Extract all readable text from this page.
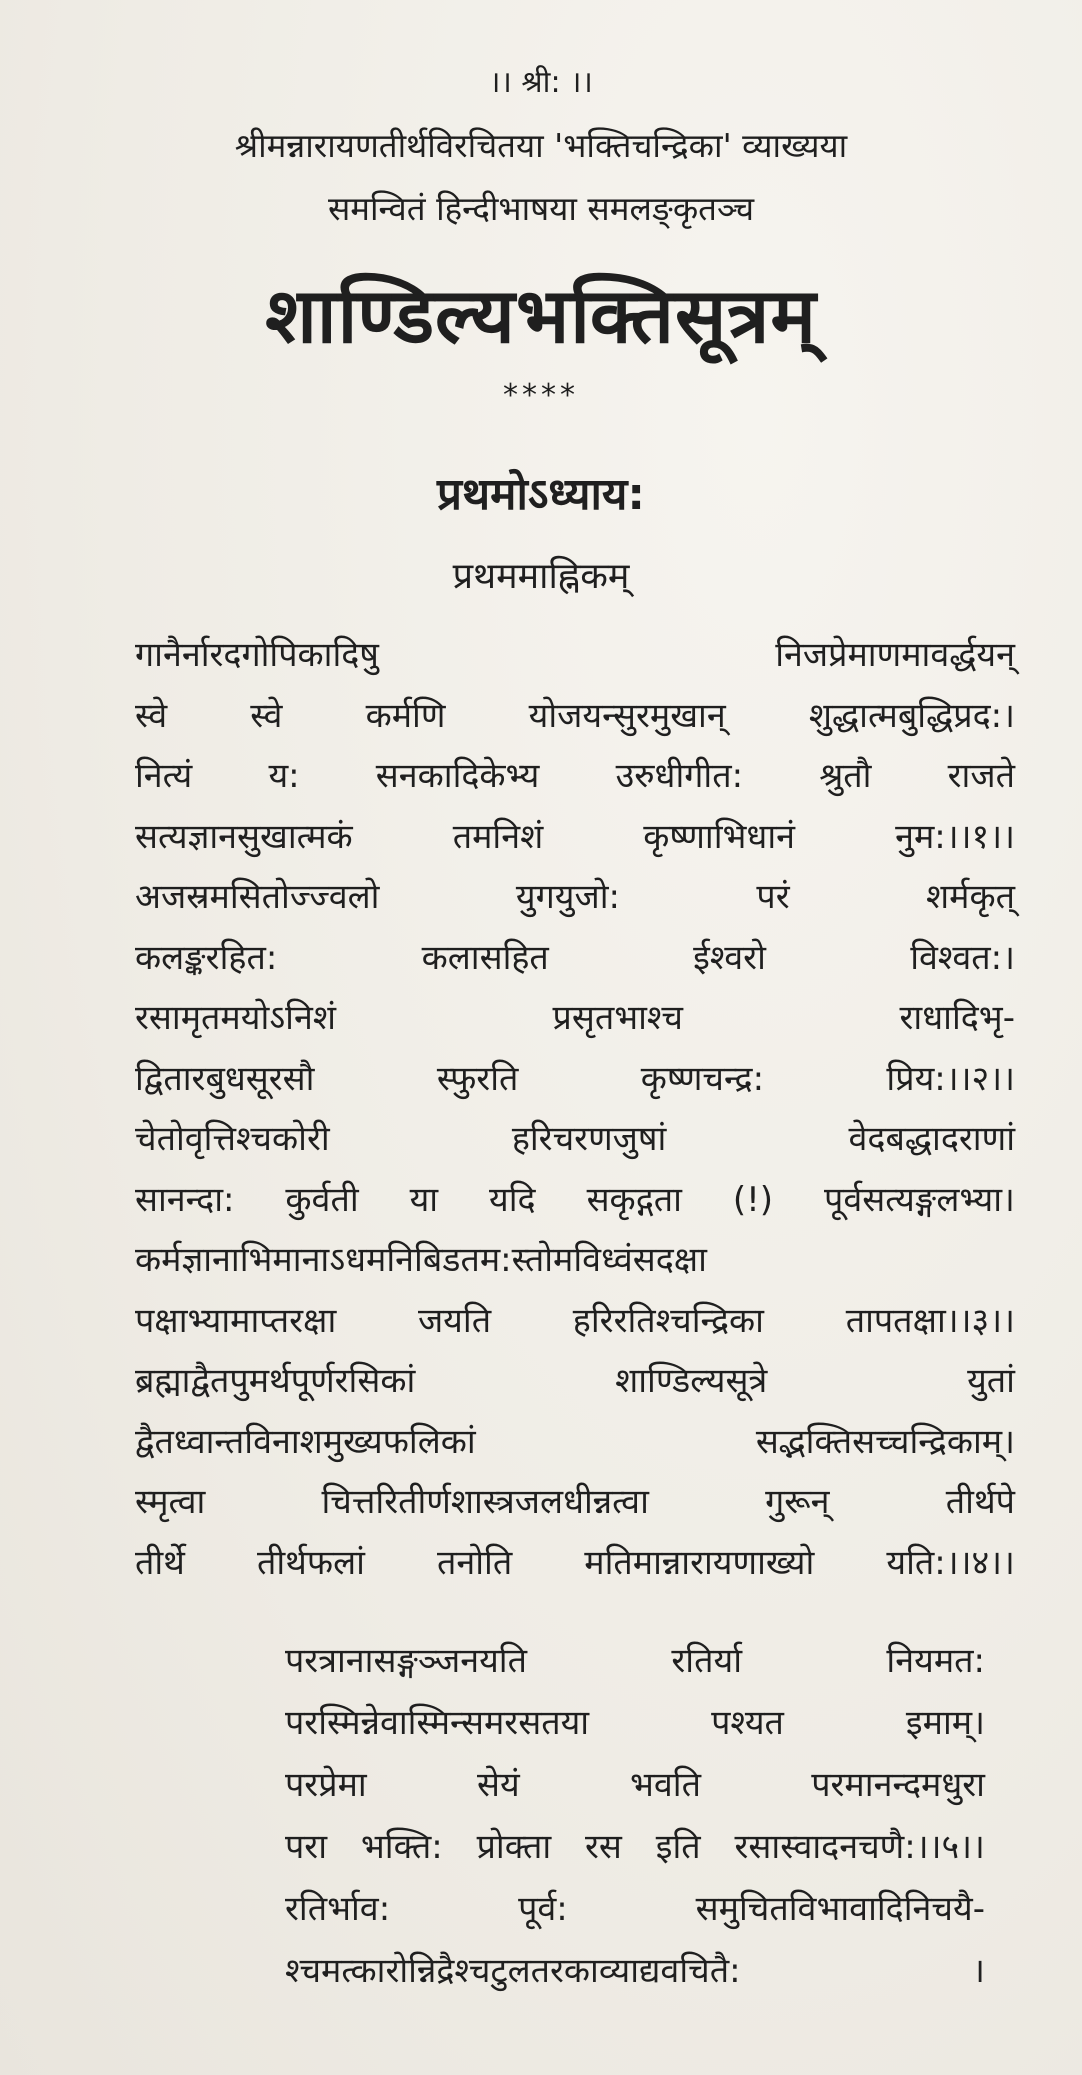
।। श्री: ।।
श्रीमन्नारायणतीर्थविरचितया 'भक्तिचन्द्रिका' व्याख्यया
समन्वितं हिन्दीभाषया समलङ्कृतञ्च
शाण्डिल्यभक्तिसूत्रम्
****
प्रथमोऽध्याय:
प्रथममाह्निकम्
गानैर्नारदगोपिकादिषु	निजप्रेमाणमावर्द्धयन्
स्वे स्वे कर्मणि योजयन्सुरमुखान् शुद्धात्मबुद्धिप्रद:।
नित्यं य: सनकादिकेभ्य उरुधीगीत: श्रुतौ राजते
सत्यज्ञानसुखात्मकं	तमनिशं	कृष्णाभिधानं	नुम:।।१।।
अजस्रमसितोज्ज्वलो	युगयुजो:	परं	शर्मकृत्
कलङ्करहित:	कलासहित	ईश्वरो	विश्वत:।
रसामृतमयोऽनिशं	प्रसृतभाश्च	राधादिभृ-
द्वितारबुधसूरसौ	स्फुरति	कृष्णचन्द्र:	प्रिय:।।२।।
चेतोवृत्तिश्चकोरी	हरिचरणजुषां	वेदबद्धादराणां
सानन्दा: कुर्वती या यदि सकृद्गता (!) पूर्वसत्यङ्गलभ्या।
कर्मज्ञानाभिमानाऽधमनिबिडतम:स्तोमविध्वंसदक्षा
पक्षाभ्यामाप्तरक्षा जयति हरिरतिश्चन्द्रिका तापतक्षा।।३।।
ब्रह्माद्वैतपुमर्थपूर्णरसिकां	शाण्डिल्यसूत्रे	युतां
द्वैतध्वान्तविनाशमुख्यफलिकां	सद्भक्तिसच्चन्द्रिकाम्।
स्मृत्वा	चित्तरितीर्णशास्त्रजलधीन्नत्वा	गुरून्	तीर्थपे
तीर्थे तीर्थफलां तनोति मतिमान्नारायणाख्यो यति:।।४।।
परत्रानासङ्गञ्जनयति	रतिर्या	नियमत:
परस्मिन्नेवास्मिन्समरसतया	पश्यत	इमाम्।
परप्रेमा	सेयं	भवति	परमानन्दमधुरा
परा भक्ति: प्रोक्ता रस इति रसास्वादनचणै:।।५।।
रतिर्भाव:	पूर्व:	समुचितविभावादिनिचयै-
श्चमत्कारोन्निद्रैश्चटुलतरकाव्याद्यवचितै:	।
